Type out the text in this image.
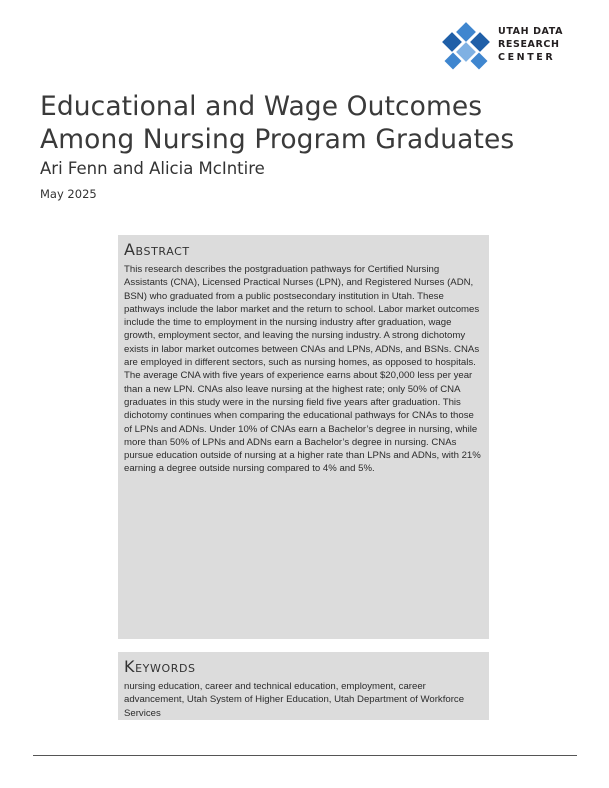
UTAH DATA
RESEARCH
CENTER
Educational and Wage Outcomes Among Nursing Program Graduates
Ari Fenn and Alicia McIntire
May 2025
Abstract

This research describes the postgraduation pathways for Certified Nursing Assistants (CNA), Licensed Practical Nurses (LPN), and Registered Nurses (ADN, BSN) who graduated from a public postsecondary institution in Utah. These pathways include the labor market and the return to school. Labor market outcomes include the time to employment in the nursing industry after graduation, wage growth, employment sector, and leaving the nursing industry. A strong dichotomy exists in labor market outcomes between CNAs and LPNs, ADNs, and BSNs. CNAs are employed in different sectors, such as nursing homes, as opposed to hospitals. The average CNA with five years of experience earns about $20,000 less per year than a new LPN. CNAs also leave nursing at the highest rate; only 50% of CNA graduates in this study were in the nursing field five years after graduation. This dichotomy continues when comparing the educational pathways for CNAs to those of LPNs and ADNs. Under 10% of CNAs earn a Bachelor’s degree in nursing, while more than 50% of LPNs and ADNs earn a Bachelor’s degree in nursing. CNAs pursue education outside of nursing at a higher rate than LPNs and ADNs, with 21% earning a degree outside nursing compared to 4% and 5%.

Keywords

nursing education, career and technical education, employment, career advancement, Utah System of Higher Education, Utah Department of Workforce Services
